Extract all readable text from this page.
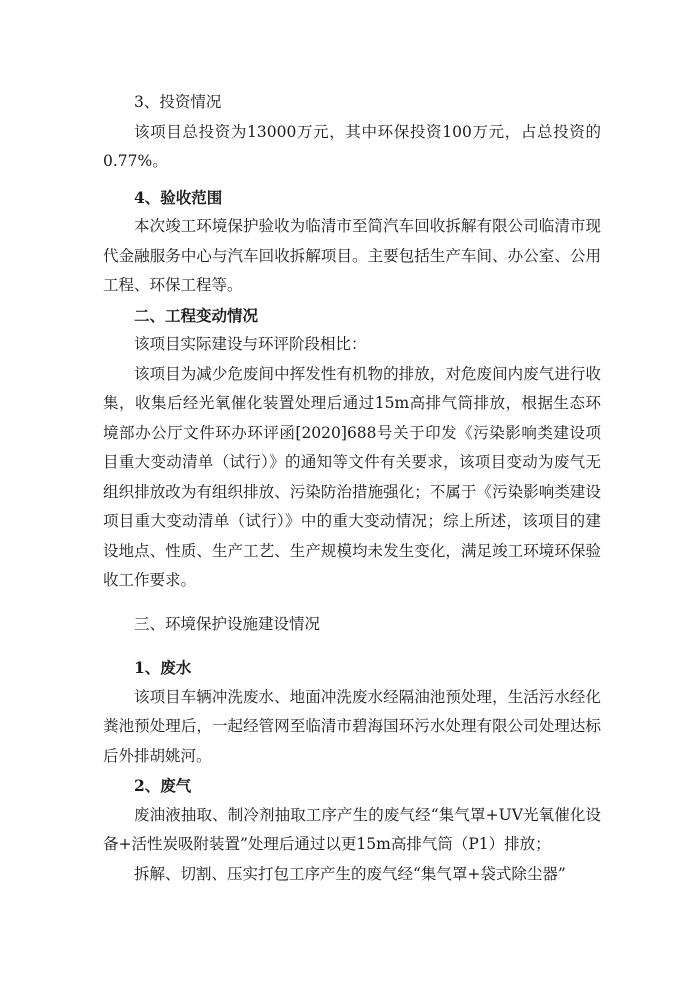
3、投资情况

该项目总投资为13000万元，其中环保投资100万元，占总投资的0.77%。

4、验收范围

本次竣工环境保护验收为临清市至简汽车回收拆解有限公司临清市现代金融服务中心与汽车回收拆解项目。主要包括生产车间、办公室、公用工程、环保工程等。

二、工程变动情况

该项目实际建设与环评阶段相比：

该项目为减少危废间中挥发性有机物的排放，对危废间内废气进行收集，收集后经光氧催化装置处理后通过15m高排气筒排放，根据生态环境部办公厅文件环办环评函[2020]688号关于印发《污染影响类建设项目重大变动清单（试行）》的通知等文件有关要求，该项目变动为废气无组织排放改为有组织排放、污染防治措施强化；不属于《污染影响类建设项目重大变动清单（试行）》中的重大变动情况；综上所述，该项目的建设地点、性质、生产工艺、生产规模均未发生变化，满足竣工环境环保验收工作要求。

三、环境保护设施建设情况

1、废水

该项目车辆冲洗废水、地面冲洗废水经隔油池预处理，生活污水经化粪池预处理后，一起经管网至临清市碧海国环污水处理有限公司处理达标后外排胡姚河。

2、废气

废油液抽取、制冷剂抽取工序产生的废气经“集气罩+UV光氧催化设备+活性炭吸附装置”处理后通过以更15m高排气筒（P1）排放；

拆解、切割、压实打包工序产生的废气经“集气罩+袋式除尘器”
